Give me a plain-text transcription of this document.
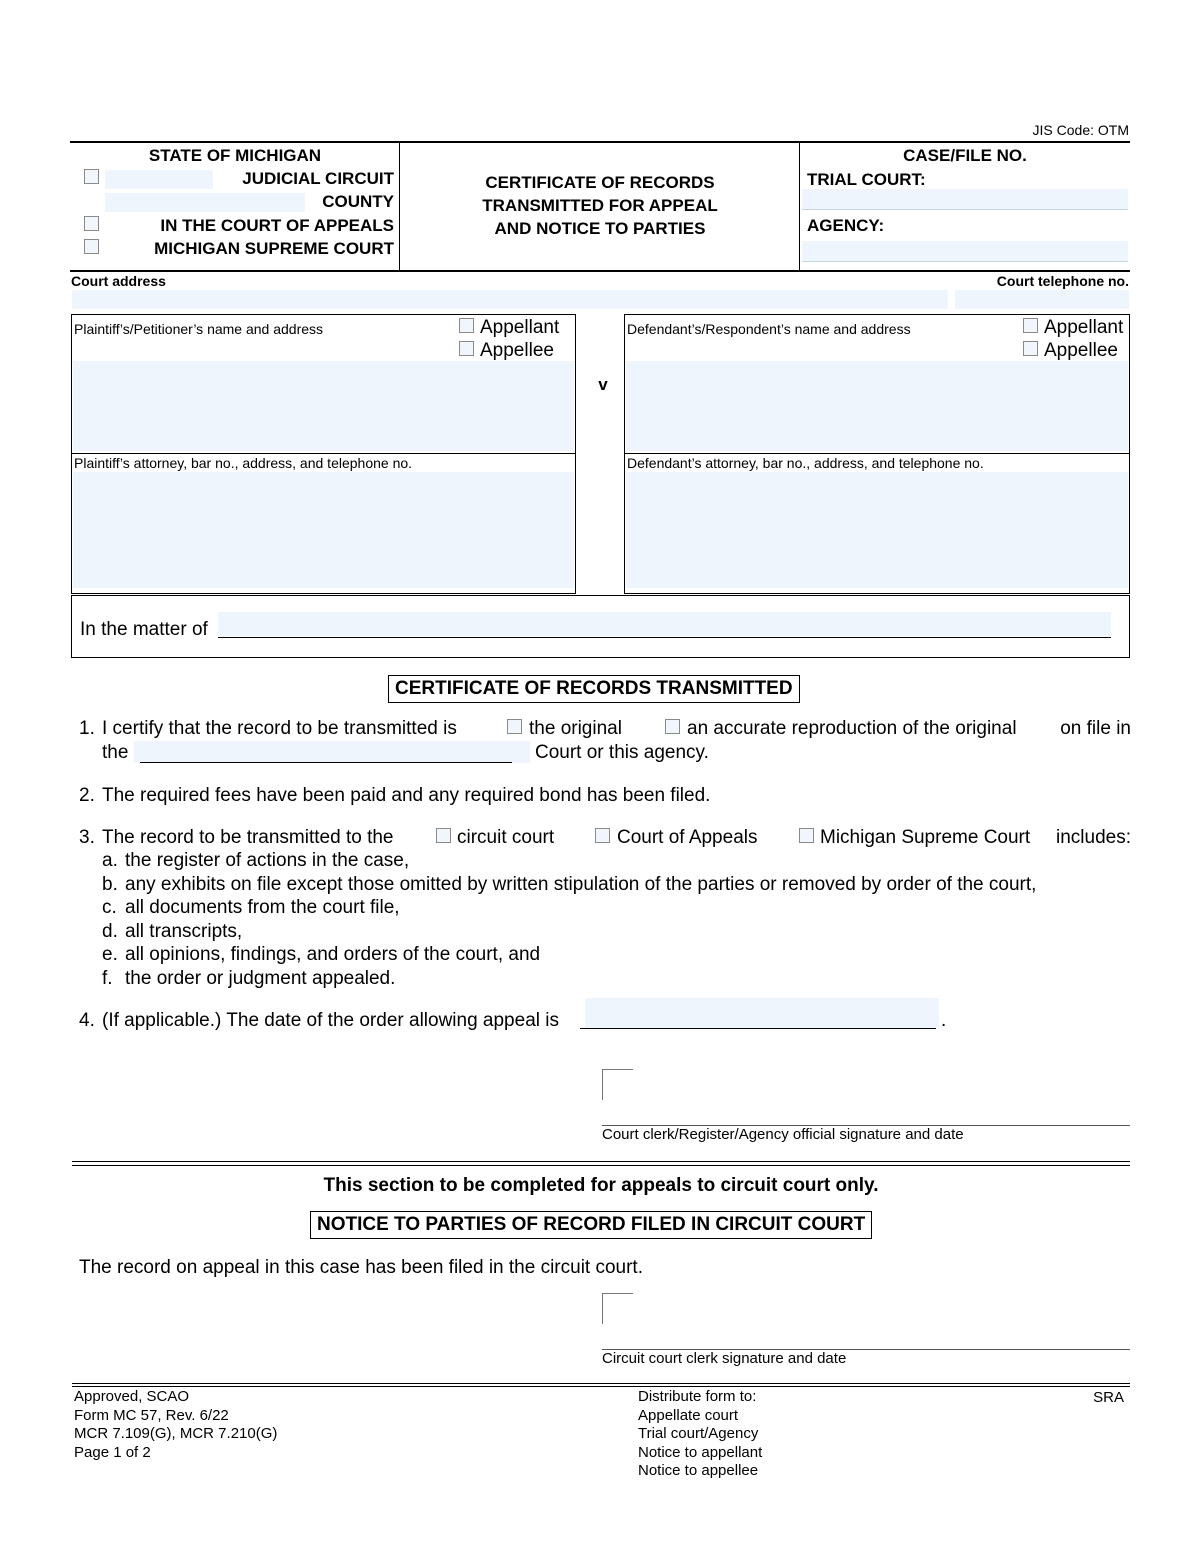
JIS Code: OTM
STATE OF MICHIGAN
JUDICIAL CIRCUIT
COUNTY
IN THE COURT OF APPEALS
MICHIGAN SUPREME COURT
CERTIFICATE OF RECORDS
TRANSMITTED FOR APPEAL
AND NOTICE TO PARTIES
CASE/FILE NO.
TRIAL COURT:
AGENCY:
Court address	Court telephone no.
Plaintiff’s/Petitioner’s name and address	Appellant
Appellee
Plaintiff’s attorney, bar no., address, and telephone no.
v
Defendant’s/Respondent’s name and address	Appellant
Appellee
Defendant’s attorney, bar no., address, and telephone no.
In the matter of
CERTIFICATE OF RECORDS TRANSMITTED
1. I certify that the record to be transmitted is	the original	an accurate reproduction of the original on file in
the	Court or this agency.
2. The required fees have been paid and any required bond has been filed.
3. The record to be transmitted to the	circuit court	Court of Appeals	Michigan Supreme Court includes:
a. the register of actions in the case,
b. any exhibits on file except those omitted by written stipulation of the parties or removed by order of the court,
c. all documents from the court file,
d. all transcripts,
e. all opinions, findings, and orders of the court, and
f. the order or judgment appealed.
4. (If applicable.) The date of the order allowing appeal is	.
Court clerk/Register/Agency official signature and date
This section to be completed for appeals to circuit court only.
NOTICE TO PARTIES OF RECORD FILED IN CIRCUIT COURT
The record on appeal in this case has been filed in the circuit court.
Circuit court clerk signature and date
Approved, SCAO
Form MC 57, Rev. 6/22
MCR 7.109(G), MCR 7.210(G)
Page 1 of 2
Distribute form to:
Appellate court
Trial court/Agency
Notice to appellant
Notice to appellee
SRA
